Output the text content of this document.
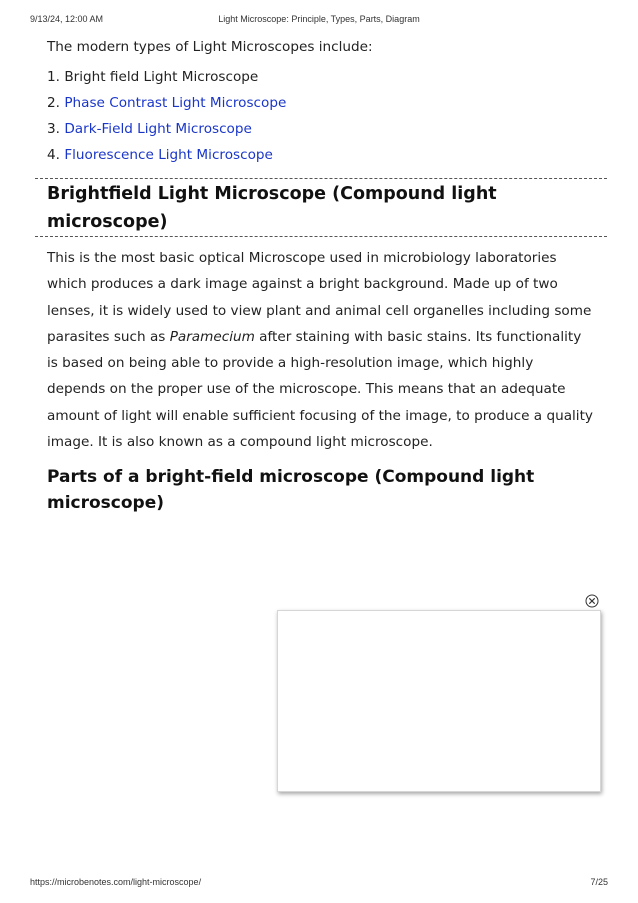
9/13/24, 12:00 AM	Light Microscope: Principle, Types, Parts, Diagram

The modern types of Light Microscopes include:

1. Bright field Light Microscope
2. Phase Contrast Light Microscope
3. Dark-Field Light Microscope
4. Fluorescence Light Microscope
Brightfield Light Microscope (Compound light microscope)

This is the most basic optical Microscope used in microbiology laboratories which produces a dark image against a bright background. Made up of two lenses, it is widely used to view plant and animal cell organelles including some parasites such as Paramecium after staining with basic stains. Its functionality is based on being able to provide a high-resolution image, which highly depends on the proper use of the microscope. This means that an adequate amount of light will enable sufficient focusing of the image, to produce a quality image. It is also known as a compound light microscope.

Parts of a bright-field microscope (Compound light microscope)
https://microbenotes.com/light-microscope/	7/25
